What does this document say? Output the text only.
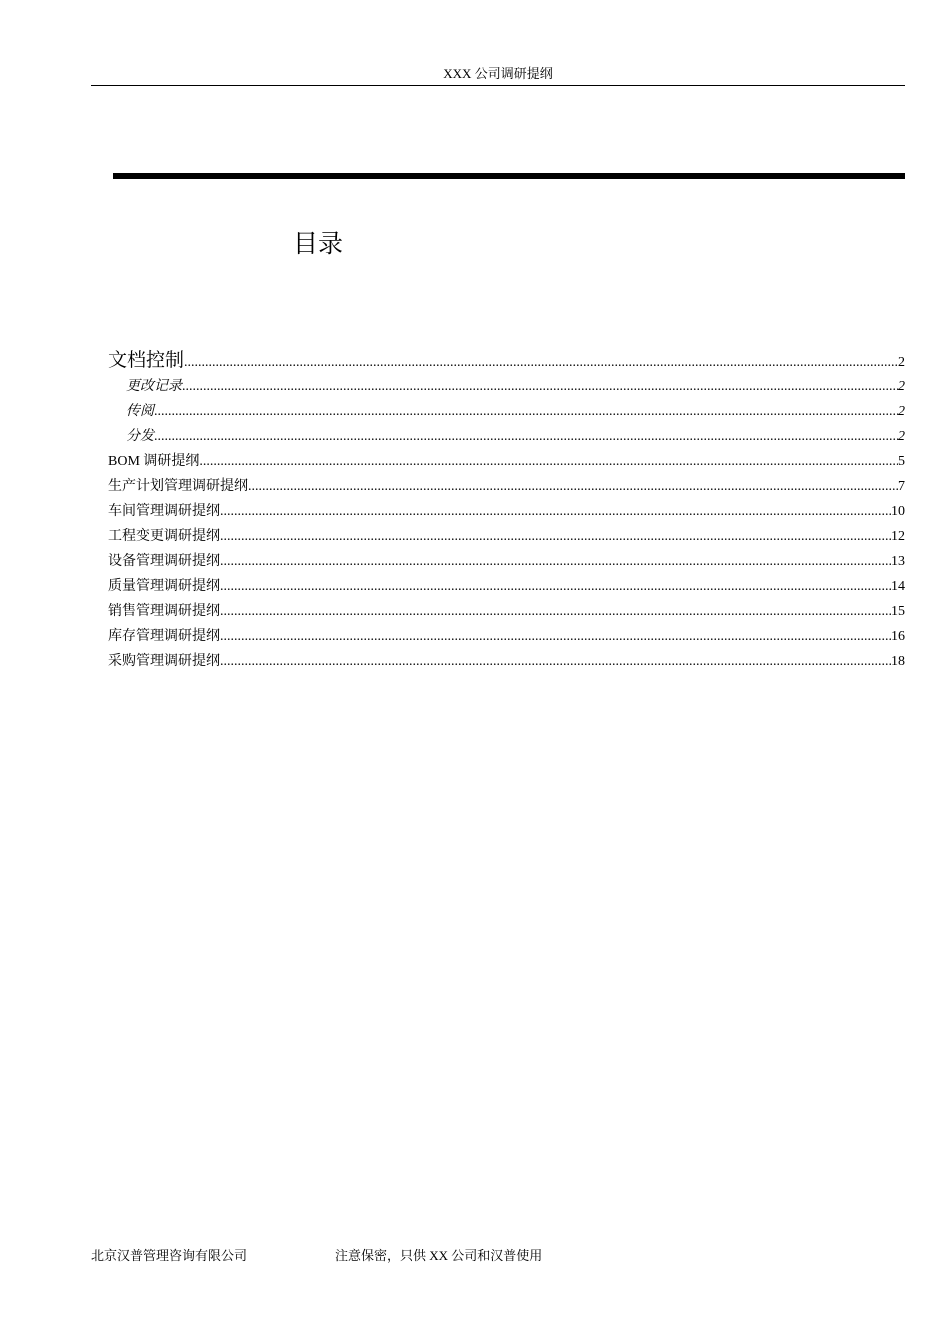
XXX 公司调研提纲
目录
文档控制 .....	2
更改记录 .....	2
传阅 .....	2
分发 .....	2
BOM 调研提纲 .....	5
生产计划管理调研提纲 .....	7
车间管理调研提纲 .....	10
工程变更调研提纲 .....	12
设备管理调研提纲 .....	13
质量管理调研提纲 .....	14
销售管理调研提纲 .....	15
库存管理调研提纲 .....	16
采购管理调研提纲 .....	18
北京汉普管理咨询有限公司	注意保密，只供 XX 公司和汉普使用
